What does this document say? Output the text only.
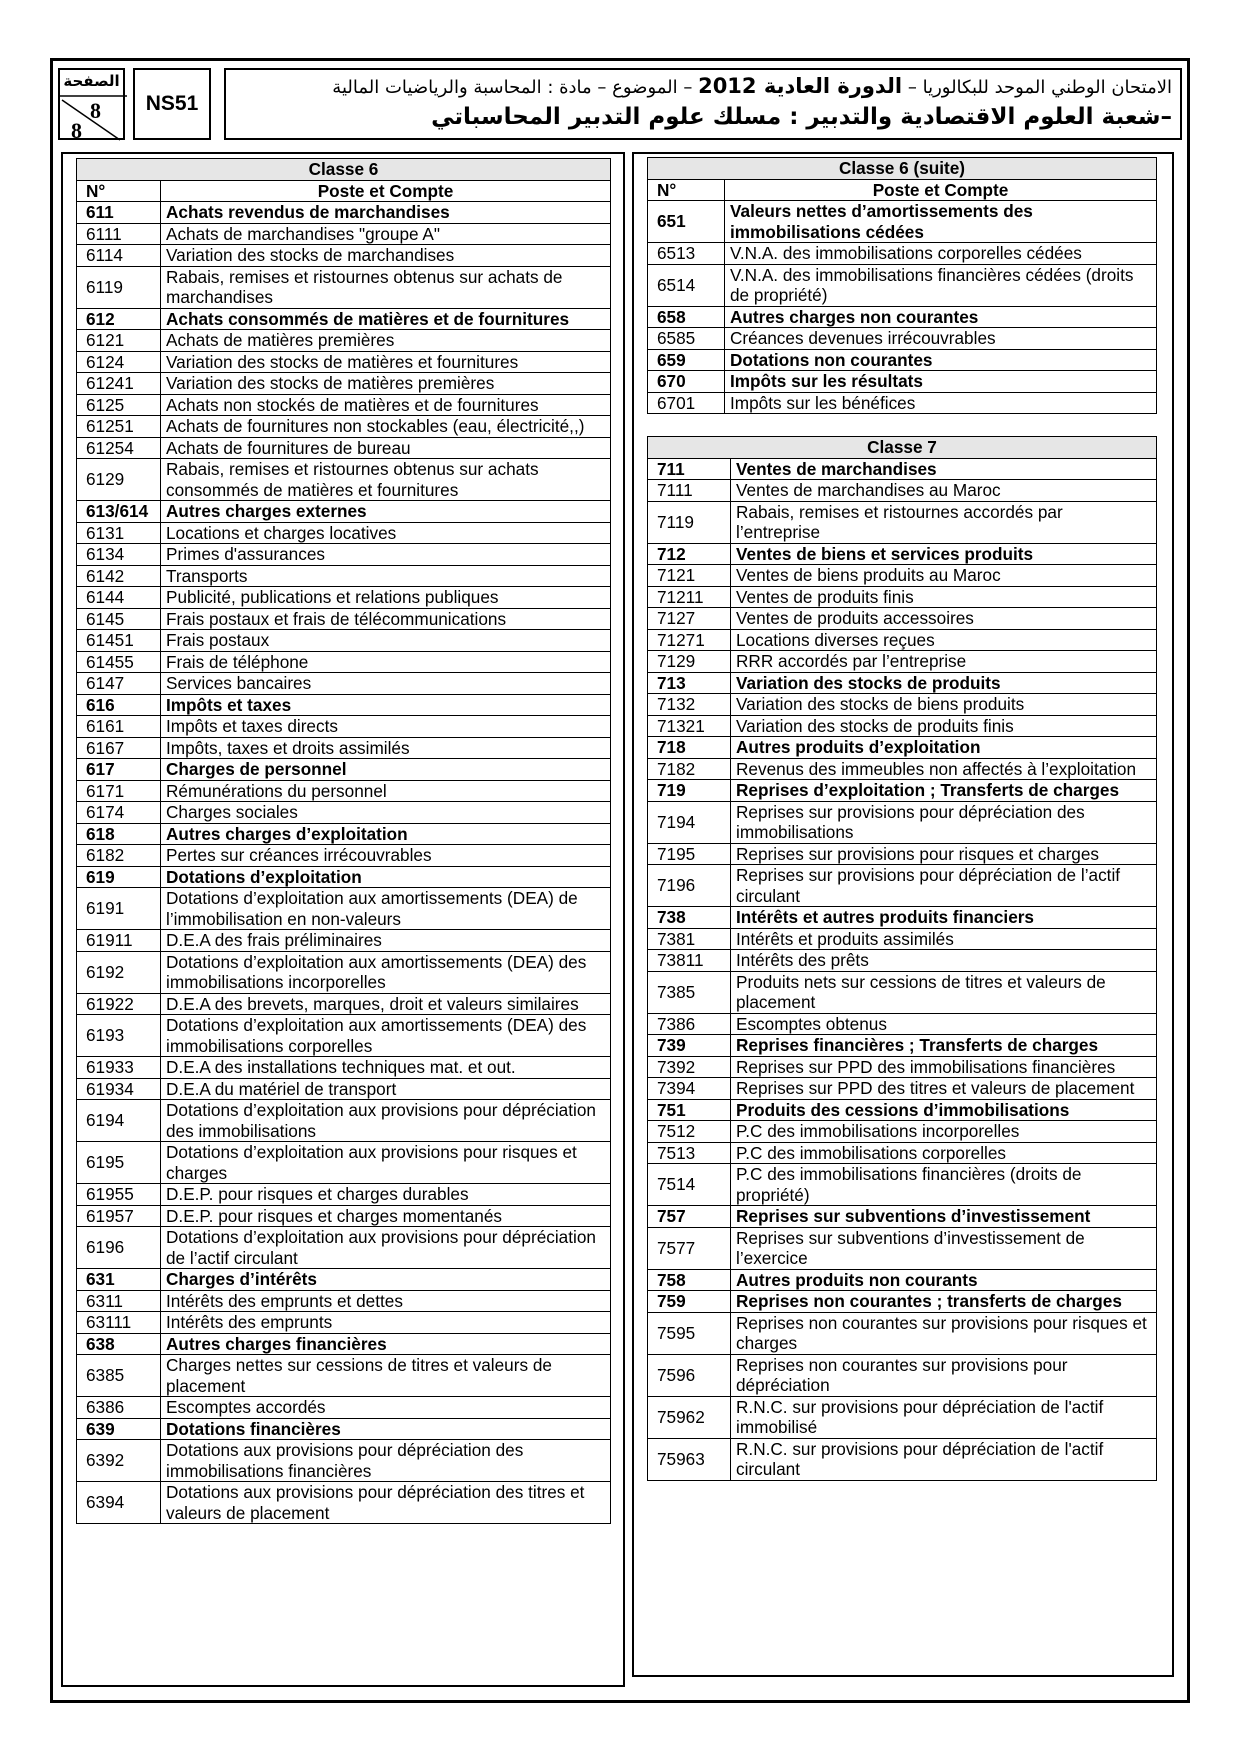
الصفحة
8
8
NS51
الامتحان الوطني الموحد للبكالوريا – الدورة العادية 2012 – الموضوع – مادة : المحاسبة والرياضيات المالية
–شعبة العلوم الاقتصادية والتدبير : مسلك علوم التدبير المحاسباتي
Classe 6	
N°	Poste et Compte
611	Achats revendus de marchandises
6111	Achats de marchandises "groupe A"
6114	Variation des stocks de marchandises
6119	Rabais, remises et ristournes obtenus sur achats de marchandises
612	Achats consommés de matières et de fournitures
6121	Achats de matières premières
6124	Variation des stocks de matières et fournitures
61241	Variation des stocks de matières premières
6125	Achats non stockés de matières et de fournitures
61251	Achats de fournitures non stockables (eau, électricité,,)
61254	Achats de fournitures de bureau
6129	Rabais, remises et ristournes obtenus sur achats consommés de matières et fournitures
613/614	Autres charges externes
6131	Locations et charges locatives
6134	Primes d'assurances
6142	Transports
6144	Publicité, publications et relations publiques
6145	Frais postaux et frais de télécommunications
61451	Frais postaux
61455	Frais de téléphone
6147	Services bancaires
616	Impôts et taxes
6161	Impôts et taxes directs
6167	Impôts, taxes et droits assimilés
617	Charges de personnel
6171	Rémunérations du personnel
6174	Charges sociales
618	Autres charges d’exploitation
6182	Pertes sur créances irrécouvrables
619	Dotations d’exploitation
6191	Dotations d’exploitation aux amortissements (DEA) de l’immobilisation en non-valeurs
61911	D.E.A des frais préliminaires
6192	Dotations d’exploitation aux amortissements (DEA) des immobilisations incorporelles
61922	D.E.A des brevets, marques, droit et valeurs similaires
6193	Dotations d’exploitation aux amortissements (DEA) des immobilisations corporelles
61933	D.E.A des installations techniques mat. et out.
61934	D.E.A du matériel de transport
6194	Dotations d’exploitation aux provisions pour dépréciation des immobilisations
6195	Dotations d’exploitation aux provisions pour risques et charges
61955	D.E.P. pour risques et charges durables
61957	D.E.P. pour risques et charges momentanés
6196	Dotations d’exploitation aux provisions pour dépréciation de l’actif circulant
631	Charges d’intérêts
6311	Intérêts des emprunts et dettes
63111	Intérêts des emprunts
638	Autres charges financières
6385	Charges nettes sur cessions de titres et valeurs de placement
6386	Escomptes accordés
639	Dotations financières
6392	Dotations aux provisions pour dépréciation des immobilisations financières
6394	Dotations aux provisions pour dépréciation des titres et valeurs de placement
Classe 6 (suite)	
N°	Poste et Compte
651	Valeurs nettes d’amortissements des immobilisations cédées
6513	V.N.A. des immobilisations corporelles cédées
6514	V.N.A. des immobilisations financières cédées (droits de propriété)
658	Autres charges non courantes
6585	Créances devenues irrécouvrables
659	Dotations non courantes
670	Impôts sur les résultats
6701	Impôts sur les bénéfices
Classe 7	
711	Ventes de marchandises
7111	Ventes de marchandises au Maroc
7119	Rabais, remises et ristournes accordés par l’entreprise
712	Ventes de biens et services produits
7121	Ventes de biens produits au Maroc
71211	Ventes de produits finis
7127	Ventes de produits accessoires
71271	Locations diverses reçues
7129	RRR accordés par l’entreprise
713	Variation des stocks de produits
7132	Variation des stocks de biens produits
71321	Variation des stocks de produits finis
718	Autres produits d’exploitation
7182	Revenus des immeubles non affectés à l’exploitation
719	Reprises d’exploitation ; Transferts de charges
7194	Reprises sur provisions pour dépréciation des immobilisations
7195	Reprises sur provisions pour risques et charges
7196	Reprises sur provisions pour dépréciation de l’actif circulant
738	Intérêts et autres produits financiers
7381	Intérêts et produits assimilés
73811	Intérêts des prêts
7385	Produits nets sur cessions de titres et valeurs de placement
7386	Escomptes obtenus
739	Reprises financières ; Transferts de charges
7392	Reprises sur PPD des immobilisations financières
7394	Reprises sur PPD des titres et valeurs de placement
751	Produits des cessions d’immobilisations
7512	P.C des immobilisations incorporelles
7513	P.C des immobilisations corporelles
7514	P.C des immobilisations financières (droits de propriété)
757	Reprises sur subventions d’investissement
7577	Reprises sur subventions d’investissement de l’exercice
758	Autres produits non courants
759	Reprises non courantes ; transferts de charges
7595	Reprises non courantes sur provisions pour risques et charges
7596	Reprises non courantes sur provisions pour dépréciation
75962	R.N.C. sur provisions pour dépréciation de l'actif immobilisé
75963	R.N.C. sur provisions pour dépréciation de l'actif circulant
